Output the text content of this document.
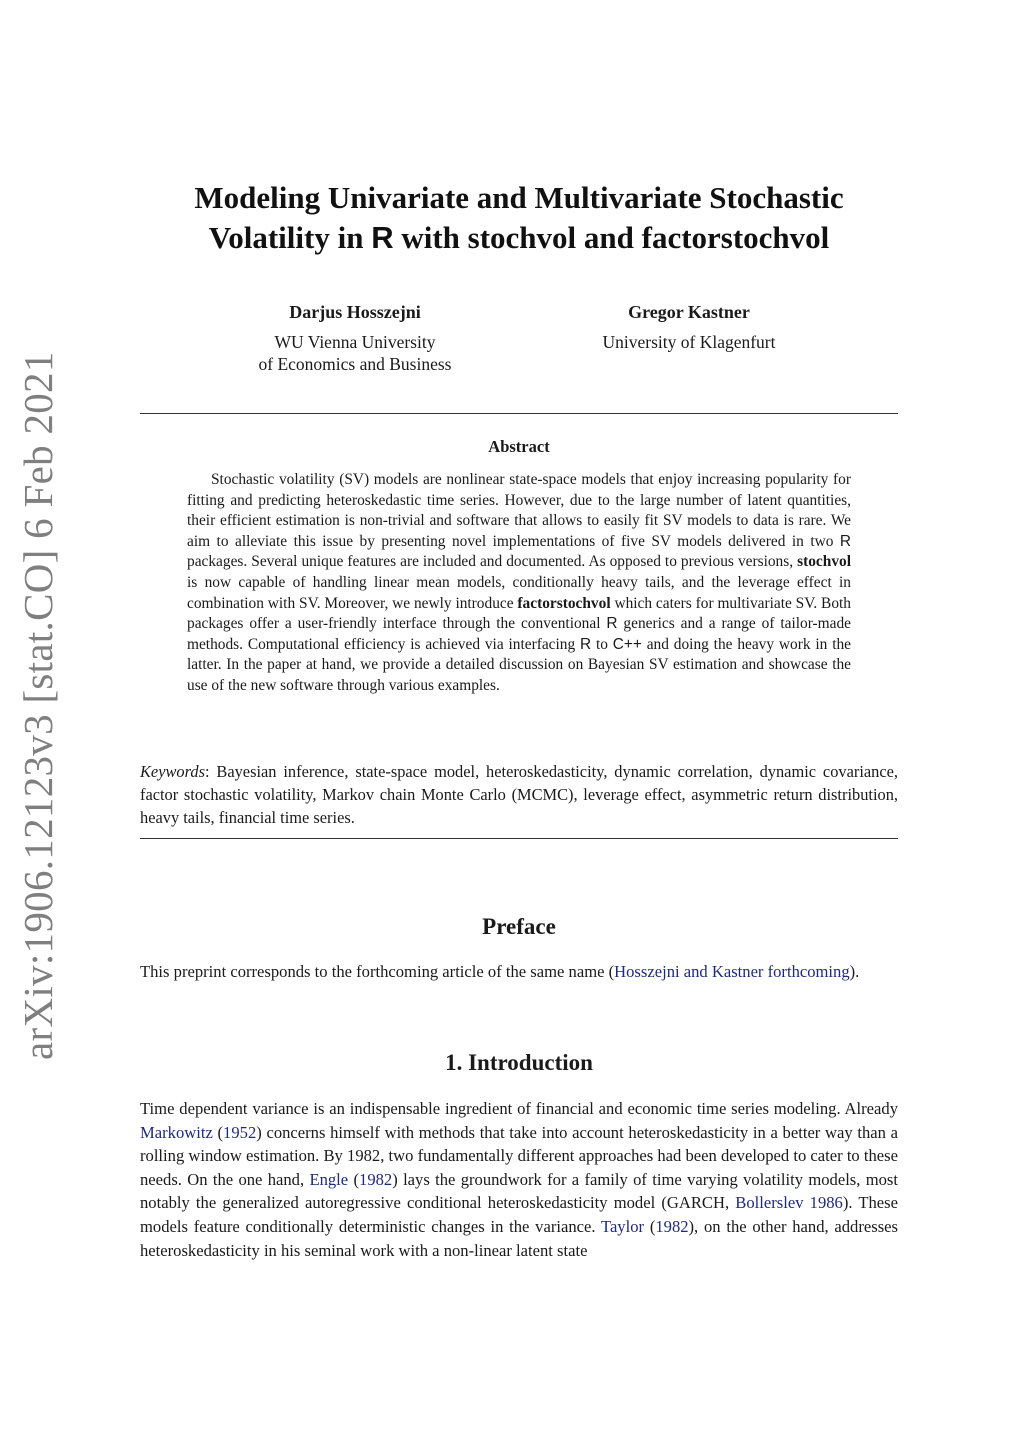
arXiv:1906.12123v3 [stat.CO] 6 Feb 2021
Modeling Univariate and Multivariate Stochastic
Volatility in R with stochvol and factorstochvol
Darjus Hosszejni
WU Vienna University
of Economics and Business
Gregor Kastner
University of Klagenfurt
Abstract
Stochastic volatility (SV) models are nonlinear state-space models that enjoy increasing popularity for fitting and predicting heteroskedastic time series. However, due to the large number of latent quantities, their efficient estimation is non-trivial and software that allows to easily fit SV models to data is rare. We aim to alleviate this issue by presenting novel implementations of five SV models delivered in two R packages. Several unique features are included and documented. As opposed to previous versions, stochvol is now capable of handling linear mean models, conditionally heavy tails, and the leverage effect in combination with SV. Moreover, we newly introduce factorstochvol which caters for multivariate SV. Both packages offer a user-friendly interface through the conventional R generics and a range of tailor-made methods. Computational efficiency is achieved via interfacing R to C++ and doing the heavy work in the latter. In the paper at hand, we provide a detailed discussion on Bayesian SV estimation and showcase the use of the new software through various examples.
Keywords: Bayesian inference, state-space model, heteroskedasticity, dynamic correlation, dynamic covariance, factor stochastic volatility, Markov chain Monte Carlo (MCMC), leverage effect, asymmetric return distribution, heavy tails, financial time series.
Preface
This preprint corresponds to the forthcoming article of the same name (Hosszejni and Kastner forthcoming).
1. Introduction
Time dependent variance is an indispensable ingredient of financial and economic time series modeling. Already Markowitz (1952) concerns himself with methods that take into account heteroskedasticity in a better way than a rolling window estimation. By 1982, two fundamentally different approaches had been developed to cater to these needs. On the one hand, Engle (1982) lays the groundwork for a family of time varying volatility models, most notably the generalized autoregressive conditional heteroskedasticity model (GARCH, Bollerslev 1986). These models feature conditionally deterministic changes in the variance. Taylor (1982), on the other hand, addresses heteroskedasticity in his seminal work with a non-linear latent state
